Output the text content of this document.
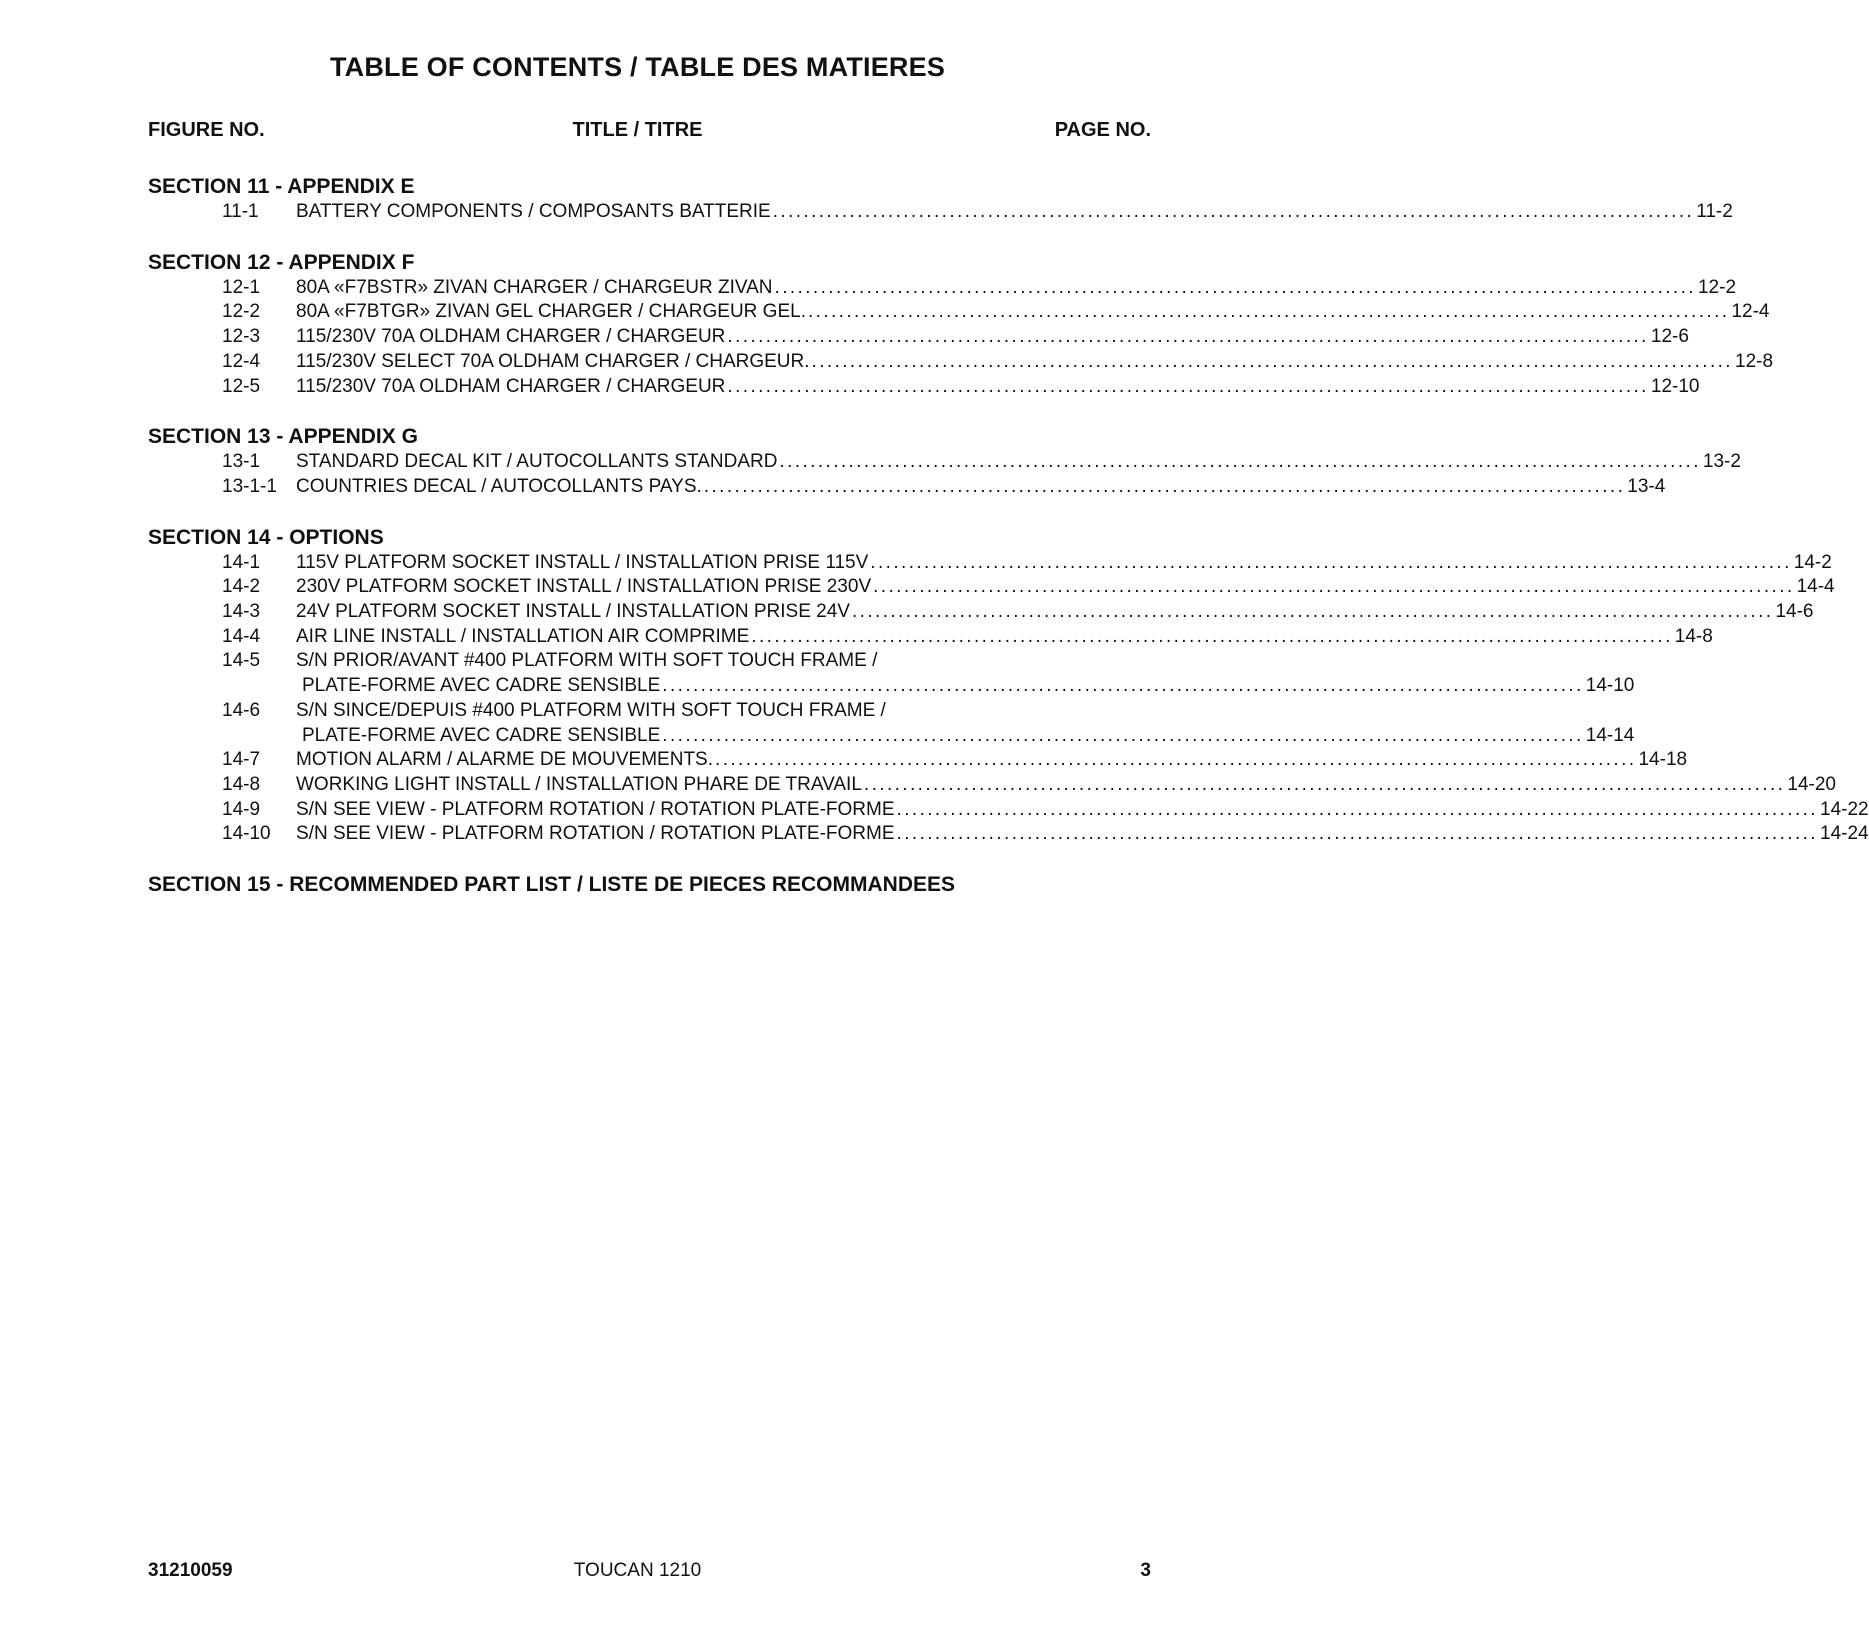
TABLE OF CONTENTS / TABLE DES MATIERES
FIGURE NO.	TITLE / TITRE	PAGE NO.
SECTION 11 - APPENDIX E
11-1	BATTERY COMPONENTS / COMPOSANTS BATTERIE ........................................................................................................................ 11-2
SECTION 12 - APPENDIX F
12-1	80A «F7BSTR» ZIVAN CHARGER / CHARGEUR ZIVAN ........................................................................................................................ 12-2
12-2	80A «F7BTGR» ZIVAN GEL CHARGER / CHARGEUR GEL. ........................................................................................................................ 12-4
12-3	115/230V 70A OLDHAM CHARGER / CHARGEUR ........................................................................................................................ 12-6
12-4	115/230V SELECT 70A OLDHAM CHARGER / CHARGEUR. ........................................................................................................................ 12-8
12-5	115/230V 70A OLDHAM CHARGER / CHARGEUR ........................................................................................................................ 12-10
SECTION 13 - APPENDIX G
13-1	STANDARD DECAL KIT / AUTOCOLLANTS STANDARD ........................................................................................................................ 13-2
13-1-1	COUNTRIES DECAL / AUTOCOLLANTS PAYS. ........................................................................................................................ 13-4
SECTION 14 - OPTIONS
14-1	115V PLATFORM SOCKET INSTALL / INSTALLATION PRISE 115V ........................................................................................................................ 14-2
14-2	230V PLATFORM SOCKET INSTALL / INSTALLATION PRISE 230V ........................................................................................................................ 14-4
14-3	24V PLATFORM SOCKET INSTALL / INSTALLATION PRISE 24V ........................................................................................................................ 14-6
14-4	AIR LINE INSTALL / INSTALLATION AIR COMPRIME ........................................................................................................................ 14-8
14-5	S/N PRIOR/AVANT #400 PLATFORM WITH SOFT TOUCH FRAME /
PLATE-FORME AVEC CADRE SENSIBLE ........................................................................................................................ 14-10
14-6	S/N SINCE/DEPUIS #400 PLATFORM WITH SOFT TOUCH FRAME /
PLATE-FORME AVEC CADRE SENSIBLE ........................................................................................................................ 14-14
14-7	MOTION ALARM / ALARME DE MOUVEMENTS. ........................................................................................................................ 14-18
14-8	WORKING LIGHT INSTALL / INSTALLATION PHARE DE TRAVAIL ........................................................................................................................ 14-20
14-9	S/N SEE VIEW - PLATFORM ROTATION / ROTATION PLATE-FORME ........................................................................................................................ 14-22
14-10	S/N SEE VIEW - PLATFORM ROTATION / ROTATION PLATE-FORME ........................................................................................................................ 14-24
SECTION 15 - RECOMMENDED PART LIST / LISTE DE PIECES RECOMMANDEES
31210059	TOUCAN 1210	3
